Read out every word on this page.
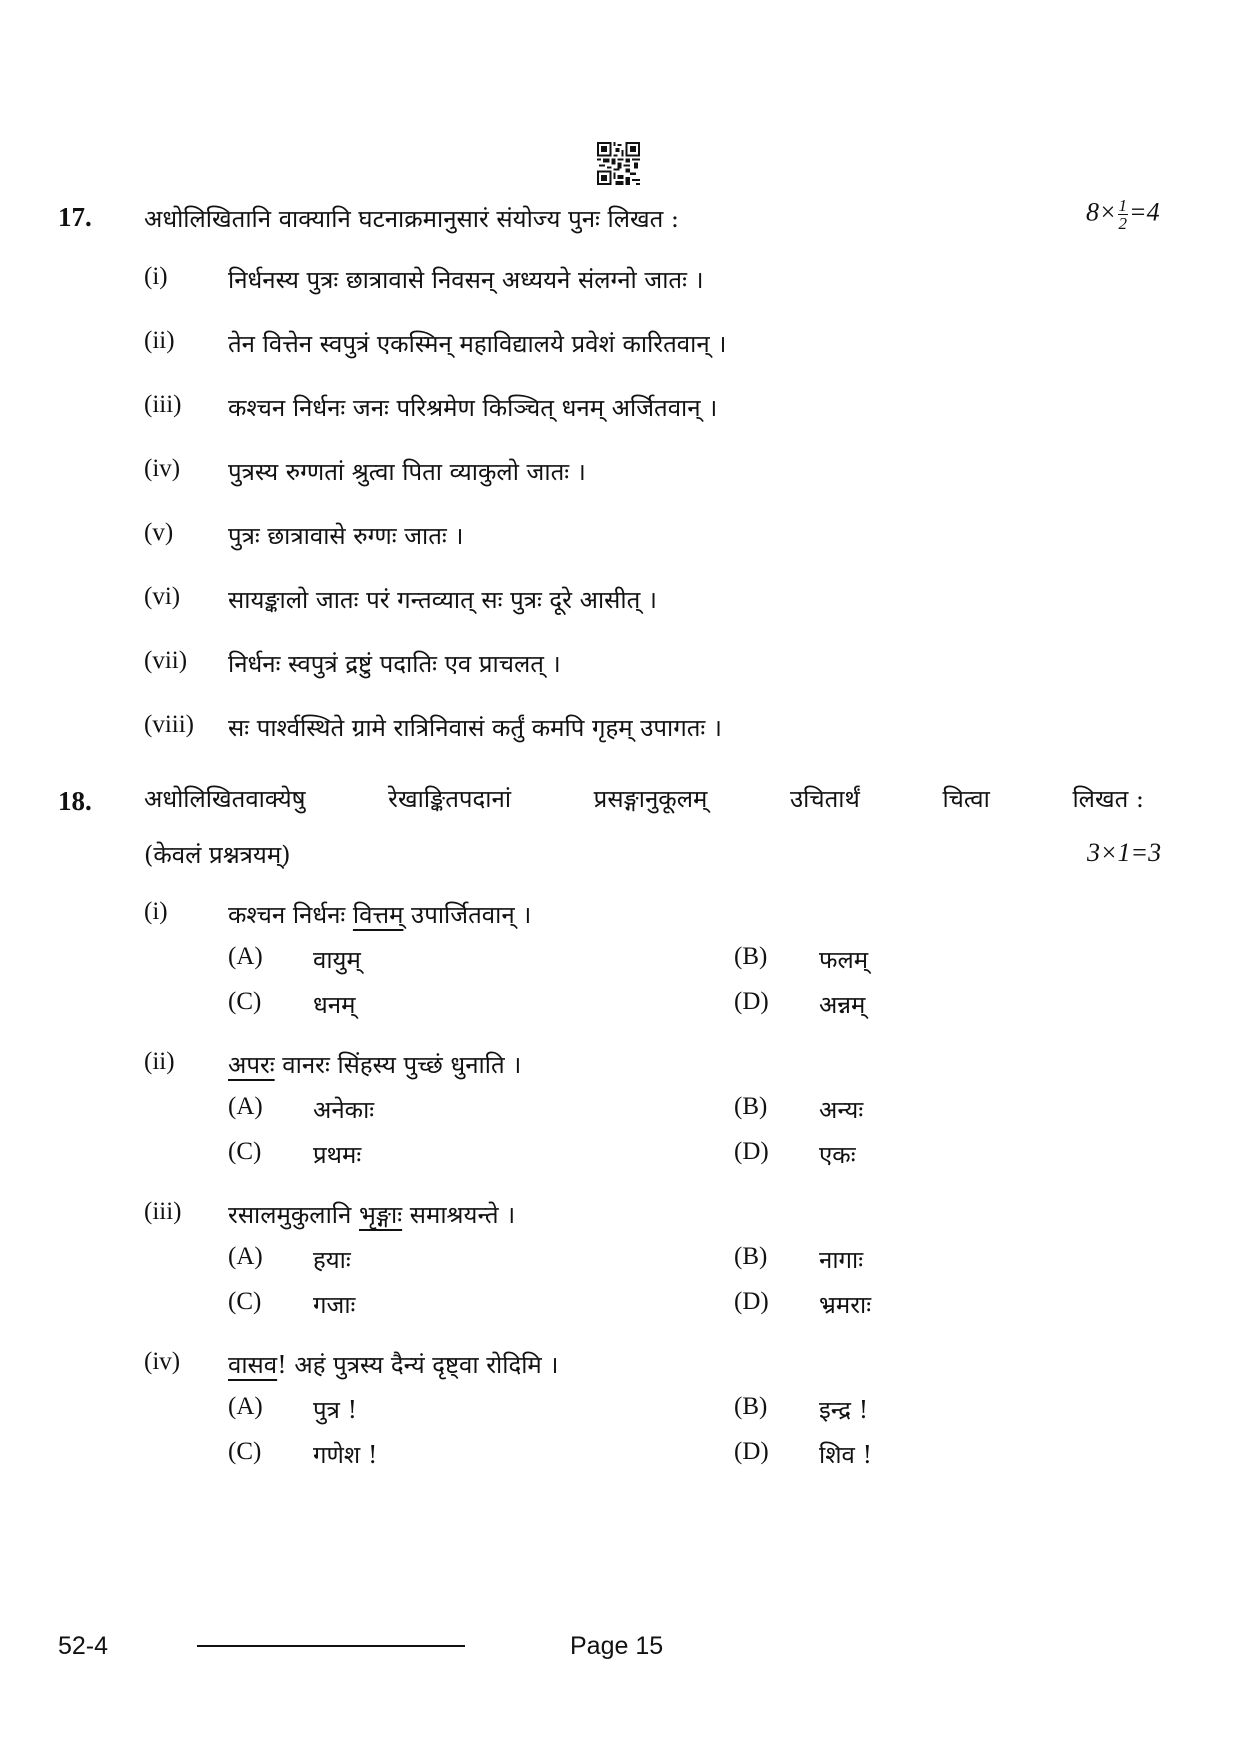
17. अधोलिखितानि वाक्यानि घटनाक्रमानुसारं संयोज्य पुनः लिखत :	$8\times \frac{1}{2} =4$
(i)	निर्धनस्य पुत्रः छात्रावासे निवसन् अध्ययने संलग्नो जातः ।
(ii) तेन वित्तेन स्वपुत्रं एकस्मिन् महाविद्यालये प्रवेशं कारितवान् ।
(iii) कश्चन निर्धनः जनः परिश्रमेण किञ्चित् धनम् अर्जितवान् ।
(iv) पुत्रस्य रुग्णतां श्रुत्वा पिता व्याकुलो जातः ।
(v) पुत्रः छात्रावासे रुग्णः जातः ।
(vi) सायङ्कालो जातः परं गन्तव्यात् सः पुत्रः दूरे आसीत् ।
(vii) निर्धनः स्वपुत्रं द्रष्टुं पदातिः एव प्राचलत् ।
(viii) सः पार्श्वस्थिते ग्रामे रात्रिनिवासं कर्तुं कमपि गृहम् उपागतः ।
18. अधोलिखितवाक्येषु	रेखाङ्कितपदानां	प्रसङ्गानुकूलम्	उचितार्थं	चित्वा	लिखत :
(केवलं प्रश्नत्रयम्)	3×1=3
(i)	कश्चन निर्धनः वित्तम् उपार्जितवान् ।
(A) वायुम्	(B) फलम्
(C) धनम्	(D) अन्नम्
(ii) अपरः वानरः सिंहस्य पुच्छं धुनाति ।
(A) अनेकाः	(B) अन्यः
(C) प्रथमः	(D) एकः
(iii) रसालमुकुलानि भृङ्गाः समाश्रयन्ते ।
(A) हयाः	(B) नागाः
(C) गजाः	(D) भ्रमराः
(iv) वासव! अहं पुत्रस्य दैन्यं दृष्ट्वा रोदिमि ।
(A) पुत्र !	(B) इन्द्र !
(C) गणेश !	(D) शिव !
52-4	Page 15
